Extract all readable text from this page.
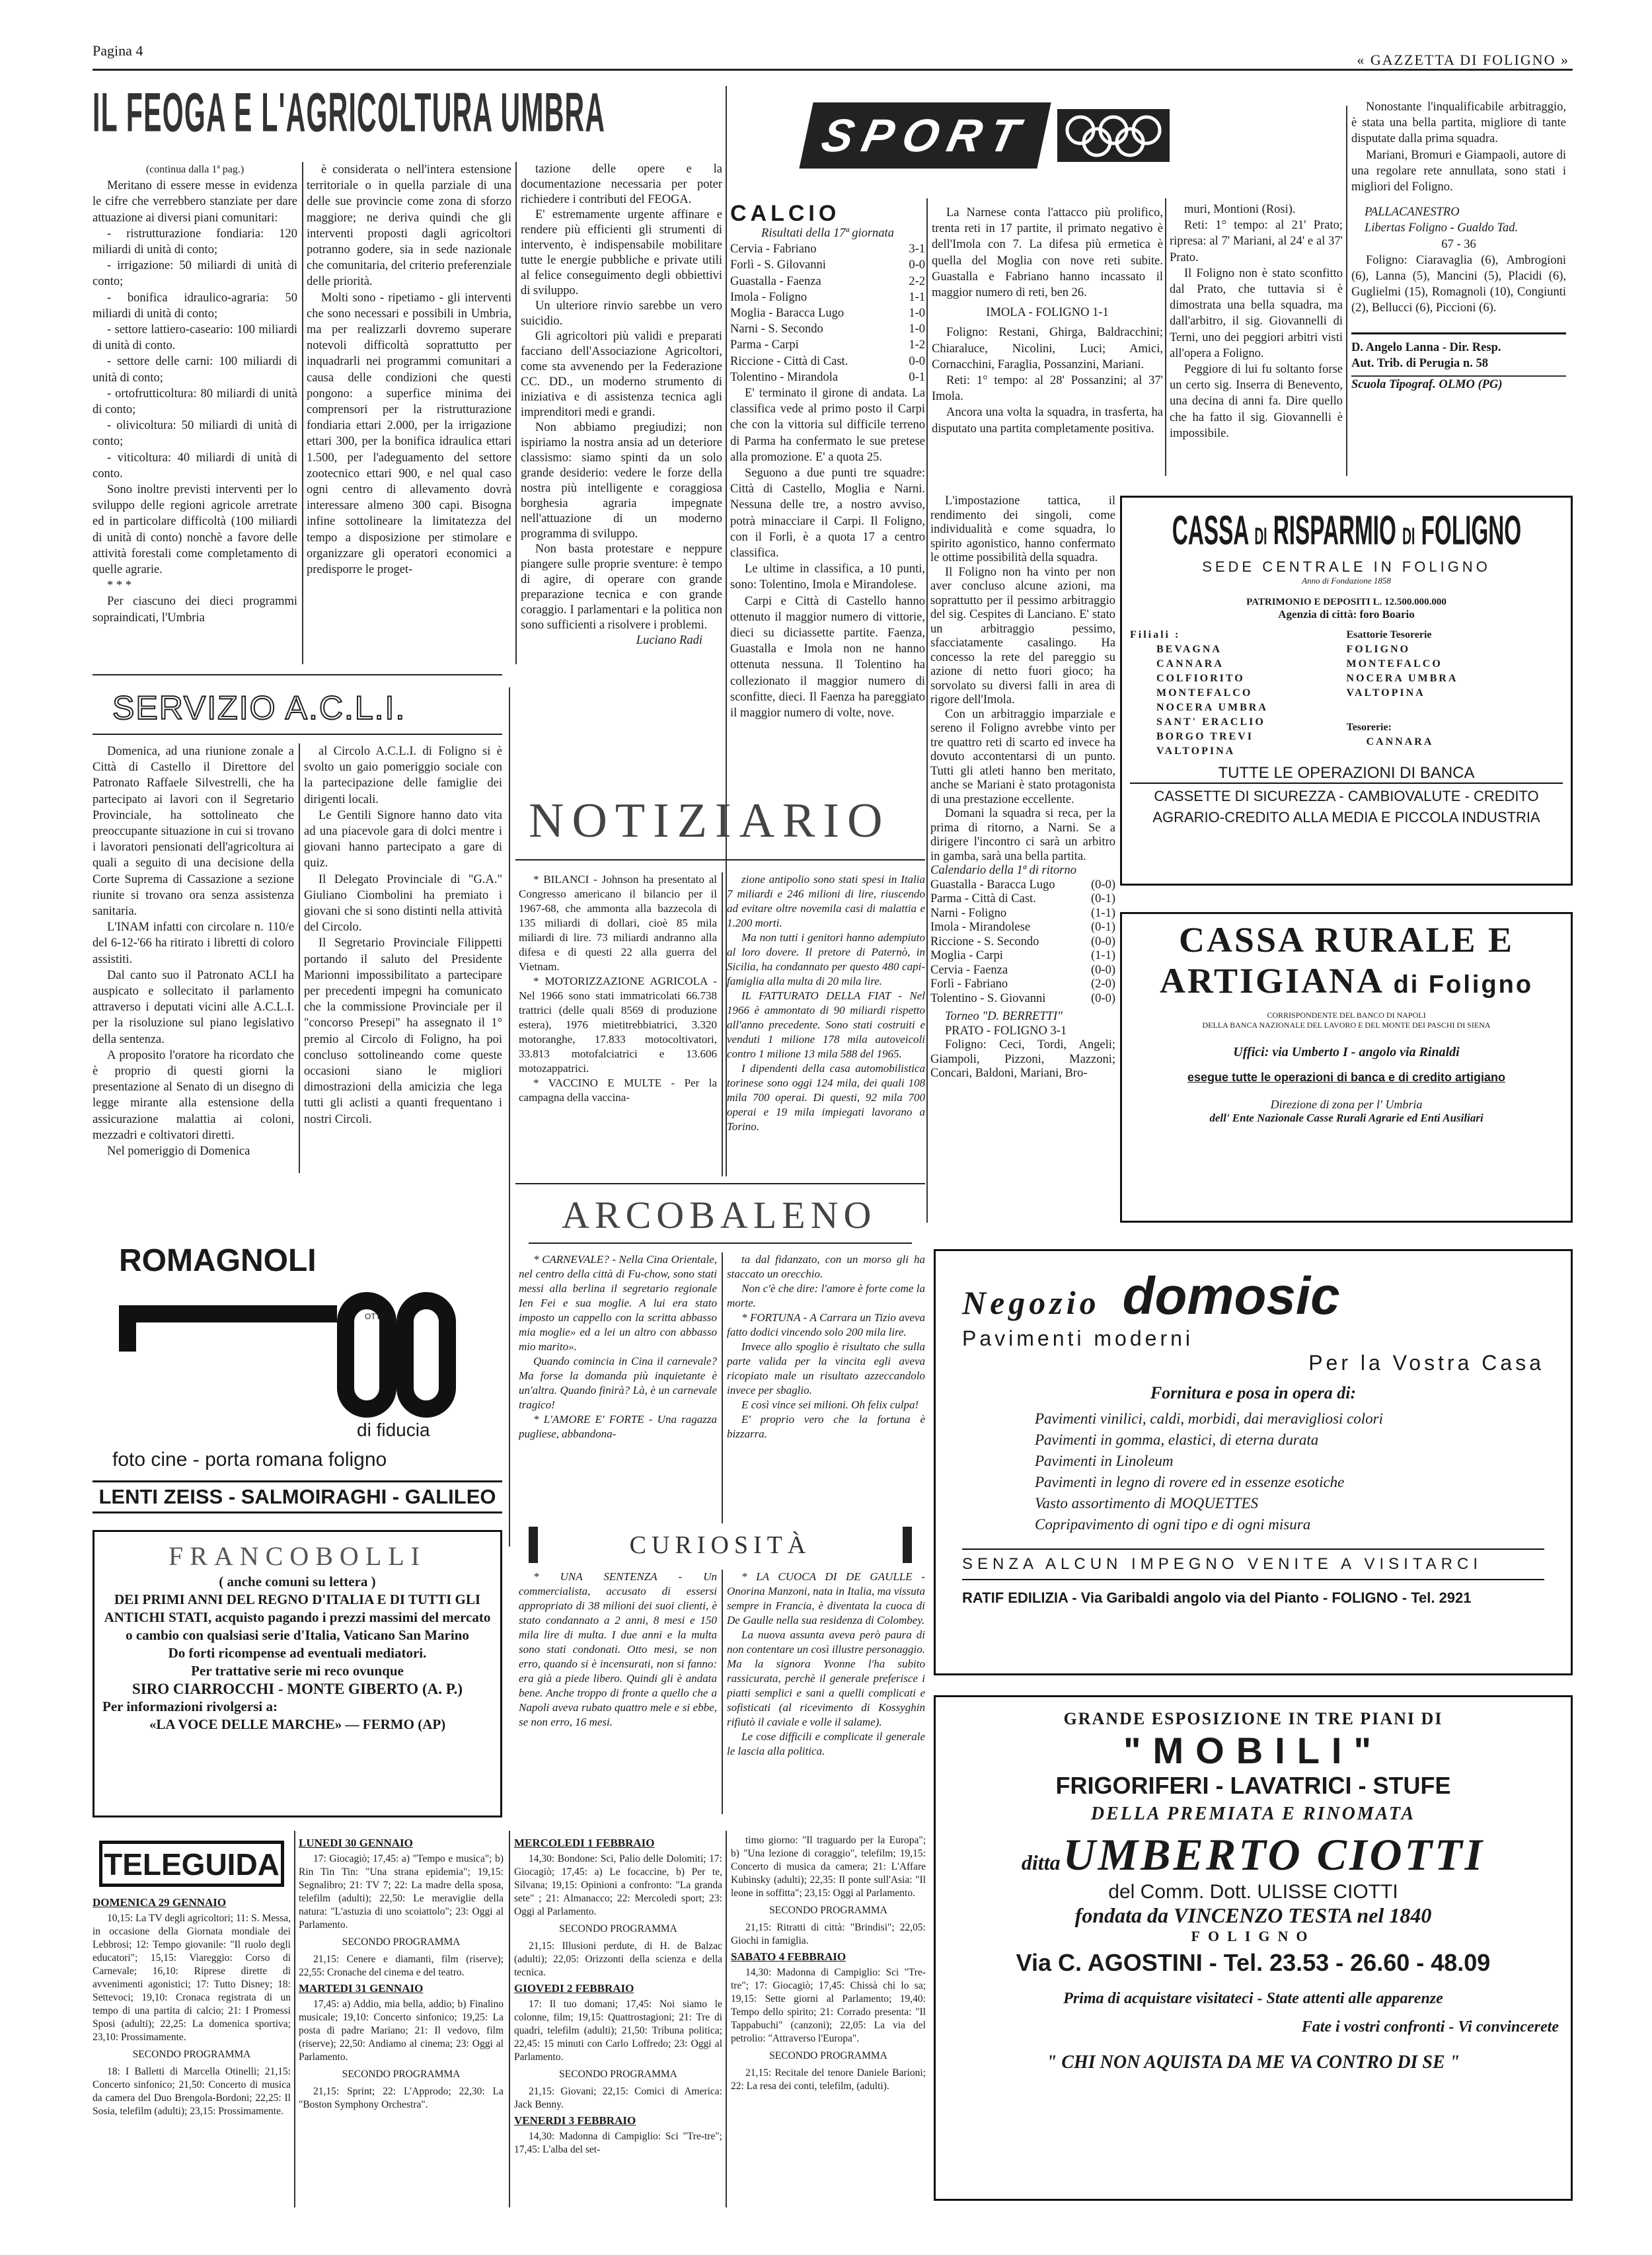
Pagina 4
« GAZZETTA DI FOLIGNO »
IL FEOGA E L'AGRICOLTURA UMBRA
(continua dalla 1ª pag.)

Meritano di essere messe in evidenza le cifre che verrebbero stanziate per dare attuazione ai diversi piani comunitari:

- ristrutturazione fondiaria: 120 miliardi di unità di conto;

- irrigazione: 50 miliardi di unità di conto;

- bonifica idraulico-agraria: 50 miliardi di unità di conto;

- settore lattiero-caseario: 100 miliardi di unità di conto.

- settore delle carni: 100 miliardi di unità di conto;

- ortofrutticoltura: 80 miliardi di unità di conto;

- olivicoltura: 50 miliardi di unità di conto;

- viticoltura: 40 miliardi di unità di conto.

Sono inoltre previsti interventi per lo sviluppo delle regioni agricole arretrate ed in particolare difficoltà (100 miliardi di unità di conto) nonchè a favore delle attività forestali come completamento di quelle agrarie.

* * *

Per ciascuno dei dieci programmi sopraindicati, l'Umbria

è considerata o nell'intera estensione territoriale o in quella parziale di una delle sue provincie come zona di sforzo maggiore; ne deriva quindi che gli interventi proposti dagli agricoltori potranno godere, sia in sede nazionale che comunitaria, del criterio preferenziale delle priorità.

Molti sono - ripetiamo - gli interventi che sono necessari e possibili in Umbria, ma per realizzarli dovremo superare notevoli difficoltà soprattutto per inquadrarli nei programmi comunitari a causa delle condizioni che questi pongono: a superfice minima dei comprensori per la ristrutturazione fondiaria ettari 2.000, per la irrigazione ettari 300, per la bonifica idraulica ettari 1.500, per l'adeguamento del settore zootecnico ettari 900, e nel qual caso ogni centro di allevamento dovrà interessare almeno 300 capi. Bisogna infine sottolineare la limitatezza del tempo a disposizione per stimolare e organizzare gli operatori economici a predisporre le proget-

tazione delle opere e la documentazione necessaria per poter richiedere i contributi del FEOGA.

E' estremamente urgente affinare e rendere più efficienti gli strumenti di intervento, è indispensabile mobilitare tutte le energie pubbliche e private utili al felice conseguimento degli obbiettivi di sviluppo.

Un ulteriore rinvio sarebbe un vero suicidio.

Gli agricoltori più validi e preparati facciano dell'Associazione Agricoltori, come sta avvenendo per la Federazione CC. DD., un moderno strumento di iniziativa e di assistenza tecnica agli imprenditori medi e grandi.

Non abbiamo pregiudizi; non ispiriamo la nostra ansia ad un deteriore classismo: siamo spinti da un solo grande desiderio: vedere le forze della nostra più intelligente e coraggiosa borghesia agraria impegnate nell'attuazione di un moderno programma di sviluppo.

Non basta protestare e neppure piangere sulle proprie sventure: è tempo di agire, di operare con grande preparazione tecnica e con grande coraggio. I parlamentari e la politica non sono sufficienti a risolvere i problemi.

Luciano Radi
SPORT
CALCIO
Risultati della 17ª giornata
Cervia - Fabriano	3-1
Forlì - S. Gilovanni	0-0
Guastalla - Faenza	2-2
Imola - Foligno	1-1
Moglia - Baracca Lugo	1-0
Narni - S. Secondo	1-0
Parma - Carpi	1-2
Riccione - Città di Cast.	0-0
Tolentino - Mirandola	0-1

E' terminato il girone di andata. La classifica vede al primo posto il Carpi che con la vittoria sul difficile terreno di Parma ha confermato le sue pretese alla promozione. E' a quota 25.

Seguono a due punti tre squadre: Città di Castello, Moglia e Narni. Nessuna delle tre, a nostro avviso, potrà minacciare il Carpi. Il Foligno, con il Forlì, è a quota 17 a centro classifica.

Le ultime in classifica, a 10 punti, sono: Tolentino, Imola e Mirandolese.

Carpi e Città di Castello hanno ottenuto il maggior numero di vittorie, dieci su diciassette partite. Faenza, Guastalla e Imola non ne hanno ottenuta nessuna. Il Tolentino ha collezionato il maggior numero di sconfitte, dieci. Il Faenza ha pareggiato il maggior numero di volte, nove.

La Narnese conta l'attacco più prolifico, trenta reti in 17 partite, il primato negativo è dell'Imola con 7. La difesa più ermetica è quella del Moglia con nove reti subite. Guastalla e Fabriano hanno incassato il maggior numero di reti, ben 26.

IMOLA - FOLIGNO 1-1

Foligno: Restani, Ghirga, Baldracchini; Chiaraluce, Nicolini, Luci; Amici, Cornacchini, Faraglia, Possanzini, Mariani.

Reti: 1° tempo: al 28' Possanzini; al 37' Imola.

Ancora una volta la squadra, in trasferta, ha disputato una partita completamente positiva.

L'impostazione tattica, il rendimento dei singoli, come individualità e come squadra, lo spirito agonistico, hanno confermato le ottime possibilità della squadra.

Il Foligno non ha vinto per non aver concluso alcune azioni, ma soprattutto per il pessimo arbitraggio del sig. Cespites di Lanciano. E' stato un arbitraggio pessimo, sfacciatamente casalingo. Ha concesso la rete del pareggio su azione di netto fuori gioco; ha sorvolato su diversi falli in area di rigore dell'Imola.

Con un arbitraggio imparziale e sereno il Foligno avrebbe vinto per tre quattro reti di scarto ed invece ha dovuto accontentarsi di un punto. Tutti gli atleti hanno ben meritato, anche se Mariani è stato protagonista di una prestazione eccellente.

Domani la squadra si reca, per la prima di ritorno, a Narni. Se a dirigere l'incontro ci sarà un arbitro in gamba, sarà una bella partita.

Calendario della 1ª di ritorno
Guastalla - Baracca Lugo	(0-0)
Parma - Città di Cast.	(0-1)
Narni - Foligno	(1-1)
Imola - Mirandolese	(0-1)
Riccione - S. Secondo	(0-0)
Moglia - Carpi	(1-1)
Cervia - Faenza	(0-0)
Forlì - Fabriano	(2-0)
Tolentino - S. Giovanni	(0-0)
Torneo "D. BERRETTI"
PRATO - FOLIGNO 3-1

Foligno: Ceci, Tordi, Angeli; Giampoli, Pizzoni, Mazzoni; Concari, Baldoni, Mariani, Bro-

muri, Montioni (Rosi).

Reti: 1° tempo: al 21' Prato; ripresa: al 7' Mariani, al 24' e al 37' Prato.

Il Foligno non è stato sconfitto dal Prato, che tuttavia si è dimostrata una bella squadra, ma dall'arbitro, il sig. Giovannelli di Terni, uno dei peggiori arbitri visti all'opera a Foligno.

Peggiore di lui fu soltanto forse un certo sig. Inserra di Benevento, una decina di anni fa. Dire quello che ha fatto il sig. Giovannelli è impossibile.

Nonostante l'inqualificabile arbitraggio, è stata una bella partita, migliore di tante disputate dalla prima squadra.

Mariani, Bromuri e Giampaoli, autore di una regolare rete annullata, sono stati i migliori del Foligno.

PALLACANESTRO
Libertas Foligno - Gualdo Tad.
67 - 36

Foligno: Ciaravaglia (6), Ambrogioni (6), Lanna (5), Mancini (5), Placidi (6), Guglielmi (15), Romagnoli (10), Congiunti (2), Bellucci (6), Piccioni (6).

D. Angelo Lanna - Dir. Resp.
Aut. Trib. di Perugia n. 58
Scuola Tipograf. OLMO (PG)
SERVIZIO A.C.L.I.

Domenica, ad una riunione zonale a Città di Castello il Direttore del Patronato Raffaele Silvestrelli, che ha partecipato ai lavori con il Segretario Provinciale, ha sottolineato che preoccupante situazione in cui si trovano i lavoratori pensionati dell'agricoltura ai quali a seguito di una decisione della Corte Suprema di Cassazione a sezione riunite si trovano ora senza assistenza sanitaria.

L'INAM infatti con circolare n. 110/e del 6-12-'66 ha ritirato i libretti di coloro assistiti.

Dal canto suo il Patronato ACLI ha auspicato e sollecitato il parlamento attraverso i deputati vicini alle A.C.L.I. per la risoluzione sul piano legislativo della sentenza.

A proposito l'oratore ha ricordato che è proprio di questi giorni la presentazione al Senato di un disegno di legge mirante alla estensione della assicurazione malattia ai coloni, mezzadri e coltivatori diretti.

Nel pomeriggio di Domenica

al Circolo A.C.L.I. di Foligno si è svolto un gaio pomeriggio sociale con la partecipazione delle famiglie dei dirigenti locali.

Le Gentili Signore hanno dato vita ad una piacevole gara di dolci mentre i giovani hanno partecipato a gare di quiz.

Il Delegato Provinciale di "G.A." Giuliano Ciombolini ha premiato i giovani che si sono distinti nella attività del Circolo.

Il Segretario Provinciale Filippetti portando il saluto del Presidente Marionni impossibilitato a partecipare per precedenti impegni ha comunicato che la commissione Provinciale per il "concorso Presepi" ha assegnato il 1° premio al Circolo di Foligno, ha poi concluso sottolineando come queste occasioni siano le migliori dimostrazioni della amicizia che lega tutti gli aclisti a quanti frequentano i nostri Circoli.

NOTIZIARIO

* BILANCI - Johnson ha presentato al Congresso americano il bilancio per il 1967-68, che ammonta alla bazzecola di 135 miliardi di dollari, cioè 85 mila miliardi di lire. 73 miliardi andranno alla difesa e di questi 22 alla guerra del Vietnam.

* MOTORIZZAZIONE AGRICOLA - Nel 1966 sono stati immatricolati 66.738 trattrici (delle quali 8569 di produzione estera), 1976 mietitrebbiatrici, 3.320 motoranghe, 17.833 motocoltivatori, 33.813 motofalciatrici e 13.606 motozappatrici.

* VACCINO E MULTE - Per la campagna della vaccina-

zione antipolio sono stati spesi in Italia 7 miliardi e 246 milioni di lire, riuscendo ad evitare oltre novemila casi di malattia e 1.200 morti.

Ma non tutti i genitori hanno adempiuto al loro dovere. Il pretore di Paternò, in Sicilia, ha condannato per questo 480 capi-famiglia alla multa di 20 mila lire.

IL FATTURATO DELLA FIAT - Nel 1966 è ammontato di 90 miliardi rispetto all'anno precedente. Sono stati costruiti e venduti 1 milione 178 mila autoveicoli contro 1 milione 13 mila 588 del 1965.

I dipendenti della casa automobilistica torinese sono oggi 124 mila, dei quali 108 mila 700 operai. Di questi, 92 mila 700 operai e 19 mila impiegati lavorano a Torino.

ARCOBALENO

* CARNEVALE? - Nella Cina Orientale, nel centro della città di Fu-chow, sono stati messi alla berlina il segretario regionale Ien Fei e sua moglie. A lui era stato imposto un cappello con la scritta abbasso mia moglie» ed a lei un altro con abbasso mio marito».

Quando comincia in Cina il carnevale? Ma forse la domanda più inquietante è un'altra. Quando finirà? Là, è un carnevale tragico!

* L'AMORE E' FORTE - Una ragazza pugliese, abbandona-

ta dal fidanzato, con un morso gli ha staccato un orecchio.

Non c'è che dire: l'amore è forte come la morte.

* FORTUNA - A Carrara un Tizio aveva fatto dodici vincendo solo 200 mila lire.

Invece allo spoglio è risultato che sulla parte valida per la vincita egli aveva ricopiato male un risultato azzeccandolo invece per sbaglio.

E così vince sei milioni. Oh felix culpa!

E' proprio vero che la fortuna è bizzarra.

CURIOSITÀ

* UNA SENTENZA - Un commercialista, accusato di essersi appropriato di 38 milioni dei suoi clienti, è stato condannato a 2 anni, 8 mesi e 150 mila lire di multa. I due anni e la multa sono stati condonati. Otto mesi, se non erro, quando si è incensurati, non si fanno: era già a piede libero. Quindi gli è andata bene. Anche troppo di fronte a quello che a Napoli aveva rubato quattro mele e si ebbe, se non erro, 16 mesi.

* LA CUOCA DI DE GAULLE - Onorina Manzoni, nata in Italia, ma vissuta sempre in Francia, è diventata la cuoca di De Gaulle nella sua residenza di Colombey.

La nuova assunta aveva però paura di non contentare un così illustre personaggio. Ma la signora Yvonne l'ha subito rassicurata, perchè il generale preferisce i piatti semplici e sani a quelli complicati e sofisticati (al ricevimento di Kossyghin rifiutò il caviale e volle il salame).

Le cose difficili e complicate il generale le lascia alla politica.

ROMAGNOLI
OTTICO
di fiducia
foto cine - porta romana foligno
LENTI ZEISS - SALMOIRAGHI - GALILEO
FRANCOBOLLI
( anche comuni su lettera )
DEI PRIMI ANNI DEL REGNO D'ITALIA E DI TUTTI GLI ANTICHI STATI, acquisto pagando i prezzi massimi del mercato o cambio con qualsiasi serie d'Italia, Vaticano San Marino
Do forti ricompense ad eventuali mediatori.
Per trattative serie mi reco ovunque
SIRO CIARROCCHI - MONTE GIBERTO (A. P.)
Per informazioni rivolgersi a:
«LA VOCE DELLE MARCHE» — FERMO (AP)
CASSA DI RISPARMIO DI FOLIGNO
SEDE CENTRALE IN FOLIGNO
Anno di Fondazione 1858
PATRIMONIO E DEPOSITI L. 12.500.000.000
Agenzia di città: foro Boario
Filiali :
BEVAGNA
CANNARA
COLFIORITO
MONTEFALCO
NOCERA UMBRA
SANT' ERACLIO
BORGO TREVI
VALTOPINA
Esattorie Tesorerie
FOLIGNO
MONTEFALCO
NOCERA UMBRA
VALTOPINA
Tesorerie:
CANNARA
TUTTE LE OPERAZIONI DI BANCA
CASSETTE DI SICUREZZA - CAMBIOVALUTE - CREDITO
AGRARIO-CREDITO ALLA MEDIA E PICCOLA INDUSTRIA
CASSA RURALE E
ARTIGIANA di Foligno
CORRISPONDENTE DEL BANCO DI NAPOLI
DELLA BANCA NAZIONALE DEL LAVORO E DEL MONTE DEI PASCHI DI SIENA
Uffici: via Umberto I - angolo via Rinaldi
esegue tutte le operazioni di banca e di credito artigiano
Direzione di zona per l' Umbria
dell' Ente Nazionale Casse Rurali Agrarie ed Enti Ausiliari
Negozio domosic
Pavimenti moderni
Per la Vostra Casa
Fornitura e posa in opera di:
Pavimenti vinilici, caldi, morbidi, dai meravigliosi colori
Pavimenti in gomma, elastici, di eterna durata
Pavimenti in Linoleum
Pavimenti in legno di rovere ed in essenze esotiche
Vasto assortimento di MOQUETTES
Copripavimento di ogni tipo e di ogni misura
SENZA ALCUN IMPEGNO VENITE A VISITARCI
RATIF EDILIZIA - Via Garibaldi angolo via del Pianto - FOLIGNO - Tel. 2921
GRANDE ESPOSIZIONE IN TRE PIANI DI
"MOBILI"
FRIGORIFERI - LAVATRICI - STUFE
DELLA PREMIATA E RINOMATA
ditta UMBERTO CIOTTI
del Comm. Dott. ULISSE CIOTTI
fondata da VINCENZO TESTA nel 1840
FOLIGNO
Via C. AGOSTINI - Tel. 23.53 - 26.60 - 48.09
Prima di acquistare visitateci - State attenti alle apparenze
Fate i vostri confronti - Vi convincerete
" CHI NON AQUISTA DA ME VA CONTRO DI SE "
TELEGUIDA
DOMENICA 29 GENNAIO

10,15: La TV degli agricoltori; 11: S. Messa, in occasione della Giornata mondiale dei Lebbrosi; 12: Tempo giovanile: "Il ruolo degli educatori"; 15,15: Viareggio: Corso di Carnevale; 16,10: Riprese dirette di avvenimenti agonistici; 17: Tutto Disney; 18: Settevoci; 19,10: Cronaca registrata di un tempo di una partita di calcio; 21: I Promessi Sposi (adulti); 22,25: La domenica sportiva; 23,10: Prossimamente.

SECONDO PROGRAMMA

18: I Balletti di Marcella Otinelli; 21,15: Concerto sinfonico; 21,50: Concerto di musica da camera del Duo Brengola-Bordoni; 22,25: Il Sosia, telefilm (adulti); 23,15: Prossimamente.

LUNEDI 30 GENNAIO

17: Giocagiò; 17,45: a) "Tempo e musica"; b) Rin Tin Tin: "Una strana epidemia"; 19,15: Segnalibro; 21: TV 7; 22: La madre della sposa, telefilm (adulti); 22,50: Le meraviglie della natura: "L'astuzia di uno scoiattolo"; 23: Oggi al Parlamento.

SECONDO PROGRAMMA

21,15: Cenere e diamanti, film (riserve); 22,55: Cronache del cinema e del teatro.

MARTEDI 31 GENNAIO

17,45: a) Addio, mia bella, addio; b) Finalino musicale; 19,10: Concerto sinfonico; 19,25: La posta di padre Mariano; 21: Il vedovo, film (riserve); 22,50: Andiamo al cinema; 23: Oggi al Parlamento.

SECONDO PROGRAMMA

21,15: Sprint; 22: L'Approdo; 22,30: La "Boston Symphony Orchestra".

MERCOLEDI 1 FEBBRAIO

14,30: Bondone: Sci, Palio delle Dolomiti; 17: Giocagiò; 17,45: a) Le focaccine, b) Per te, Silvana; 19,15: Opinioni a confronto: "La granda sete" ; 21: Almanacco; 22: Mercoledi sport; 23: Oggi al Parlamento.

SECONDO PROGRAMMA

21,15: Illusioni perdute, di H. de Balzac (adulti); 22,05: Orizzonti della scienza e della tecnica.

GIOVEDI 2 FEBBRAIO

17: Il tuo domani; 17,45: Noi siamo le colonne, film; 19,15: Quattrostagioni; 21: Tre di quadri, telefilm (adulti); 21,50: Tribuna politica; 22,45: 15 minuti con Carlo Loffredo; 23: Oggi al Parlamento.

SECONDO PROGRAMMA

21,15: Giovani; 22,15: Comici di America: Jack Benny.

VENERDI 3 FEBBRAIO

14,30: Madonna di Campiglio: Sci "Tre-tre"; 17,45: L'alba del set-

timo giorno: "Il traguardo per la Europa"; b) "Una lezione di coraggio", telefilm; 19,15: Concerto di musica da camera; 21: L'Affare Kubinsky (adulti); 22,35: Il ponte sull'Asia: "Il leone in soffitta"; 23,15: Oggi al Parlamento.

SECONDO PROGRAMMA

21,15: Ritratti di città: "Brindisi"; 22,05: Giochi in famiglia.

SABATO 4 FEBBRAIO

14,30: Madonna di Campiglio: Sci "Tre-tre"; 17: Giocagiò; 17,45: Chissà chi lo sa; 19,15: Sette giorni al Parlamento; 19,40: Tempo dello spirito; 21: Corrado presenta: "Il Tappabuchi" (canzoni); 22,05: La via del petrolio: "Attraverso l'Europa".

SECONDO PROGRAMMA

21,15: Recitale del tenore Daniele Barioni; 22: La resa dei conti, telefilm, (adulti).
